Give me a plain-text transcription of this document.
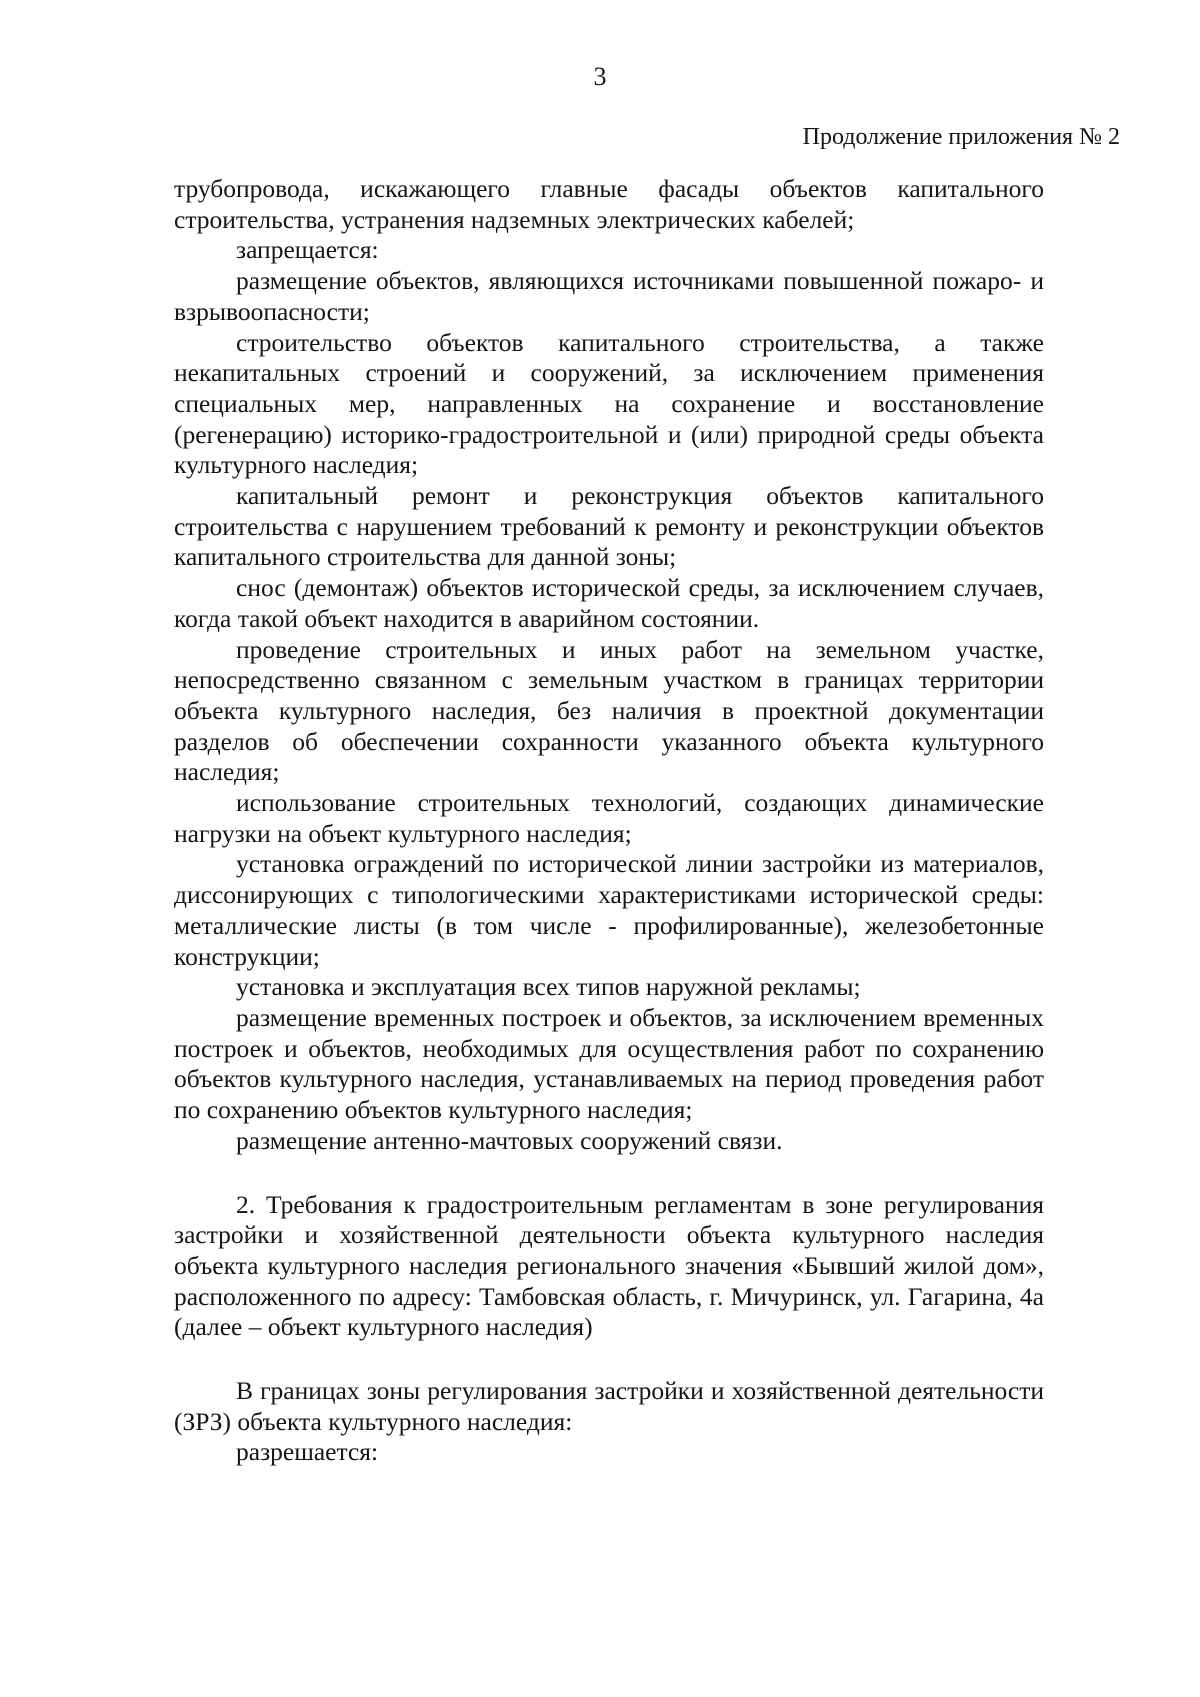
3
Продолжение приложения № 2

трубопровода, искажающего главные фасады объектов капитального строительства, устранения надземных электрических кабелей;

запрещается:

размещение объектов, являющихся источниками повышенной пожаро- и взрывоопасности;

строительство объектов капитального строительства, а также некапитальных строений и сооружений, за исключением применения специальных мер, направленных на сохранение и восстановление (регенерацию) историко-градостроительной и (или) природной среды объекта культурного наследия;

капитальный ремонт и реконструкция объектов капитального строительства с нарушением требований к ремонту и реконструкции объектов капитального строительства для данной зоны;

снос (демонтаж) объектов исторической среды, за исключением случаев, когда такой объект находится в аварийном состоянии.

проведение строительных и иных работ на земельном участке, непосредственно связанном с земельным участком в границах территории объекта культурного наследия, без наличия в проектной документации разделов об обеспечении сохранности указанного объекта культурного наследия;

использование строительных технологий, создающих динамические нагрузки на объект культурного наследия;

установка ограждений по исторической линии застройки из материалов, диссонирующих с типологическими характеристиками исторической среды: металлические листы (в том числе - профилированные), железобетонные конструкции;

установка и эксплуатация всех типов наружной рекламы;

размещение временных построек и объектов, за исключением временных построек и объектов, необходимых для осуществления работ по сохранению объектов культурного наследия, устанавливаемых на период проведения работ по сохранению объектов культурного наследия;

размещение антенно-мачтовых сооружений связи.

2. Требования к градостроительным регламентам в зоне регулирования застройки и хозяйственной деятельности объекта культурного наследия объекта культурного наследия регионального значения «Бывший жилой дом», расположенного по адресу: Тамбовская область, г. Мичуринск, ул. Гагарина, 4а (далее – объект культурного наследия)

В границах зоны регулирования застройки и хозяйственной деятельности (ЗРЗ) объекта культурного наследия:

разрешается:
